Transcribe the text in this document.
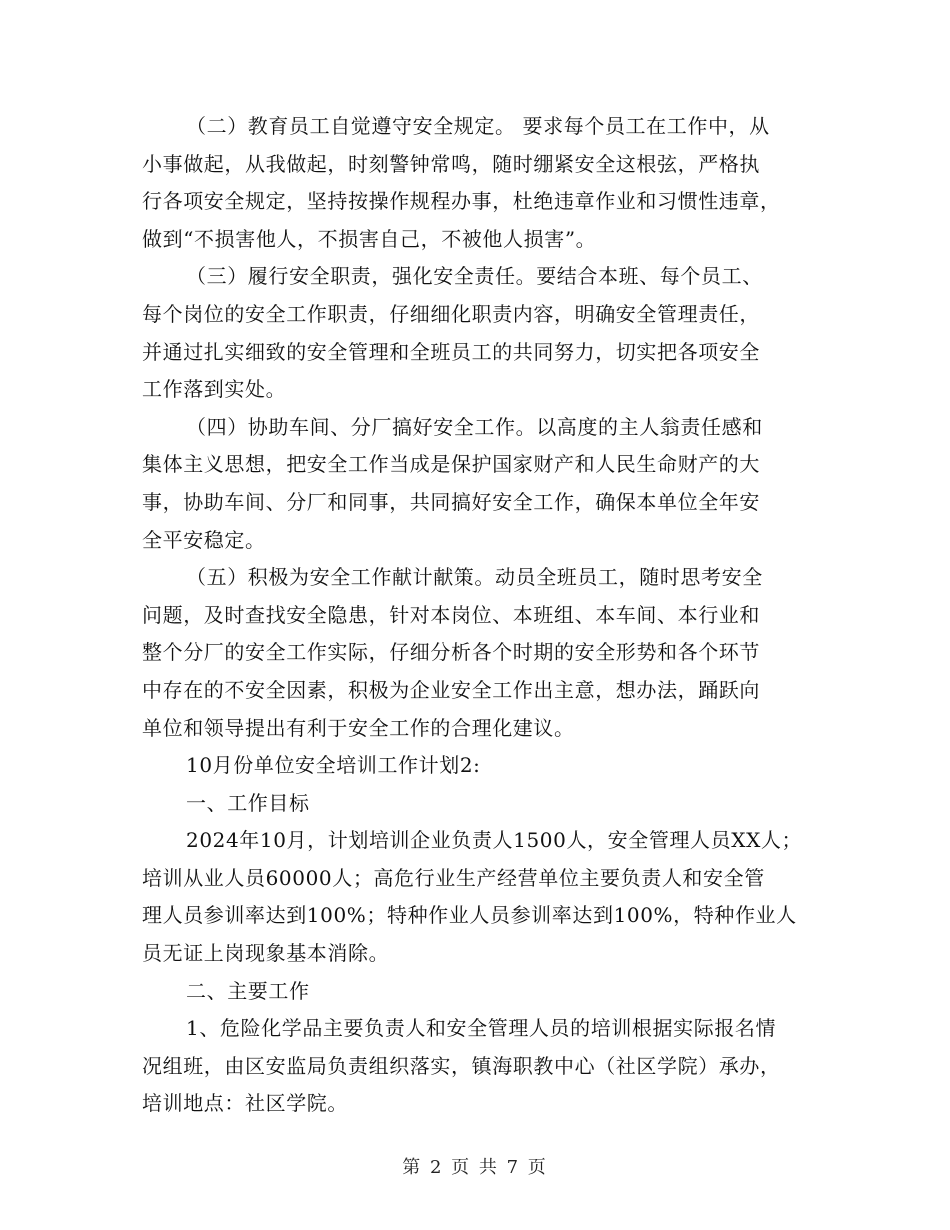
（二）教育员工自觉遵守安全规定。 要求每个员工在工作中，从
小事做起，从我做起，时刻警钟常鸣，随时绷紧安全这根弦，严格执
行各项安全规定，坚持按操作规程办事，杜绝违章作业和习惯性违章，
做到“不损害他人，不损害自己，不被他人损害”。

（三）履行安全职责，强化安全责任。要结合本班、每个员工、
每个岗位的安全工作职责，仔细细化职责内容，明确安全管理责任，
并通过扎实细致的安全管理和全班员工的共同努力，切实把各项安全
工作落到实处。

（四）协助车间、分厂搞好安全工作。以高度的主人翁责任感和
集体主义思想，把安全工作当成是保护国家财产和人民生命财产的大
事，协助车间、分厂和同事，共同搞好安全工作，确保本单位全年安
全平安稳定。

（五）积极为安全工作献计献策。动员全班员工，随时思考安全
问题，及时查找安全隐患，针对本岗位、本班组、本车间、本行业和
整个分厂的安全工作实际，仔细分析各个时期的安全形势和各个环节
中存在的不安全因素，积极为企业安全工作出主意，想办法，踊跃向
单位和领导提出有利于安全工作的合理化建议。

10月份单位安全培训工作计划2:

一、工作目标

2024年10月，计划培训企业负责人1500人，安全管理人员XX人；
培训从业人员60000人；高危行业生产经营单位主要负责人和安全管
理人员参训率达到100%；特种作业人员参训率达到100%，特种作业人
员无证上岗现象基本消除。

二、主要工作

1、危险化学品主要负责人和安全管理人员的培训根据实际报名情
况组班，由区安监局负责组织落实，镇海职教中心（社区学院）承办，
培训地点：社区学院。

第 2 页 共 7 页
